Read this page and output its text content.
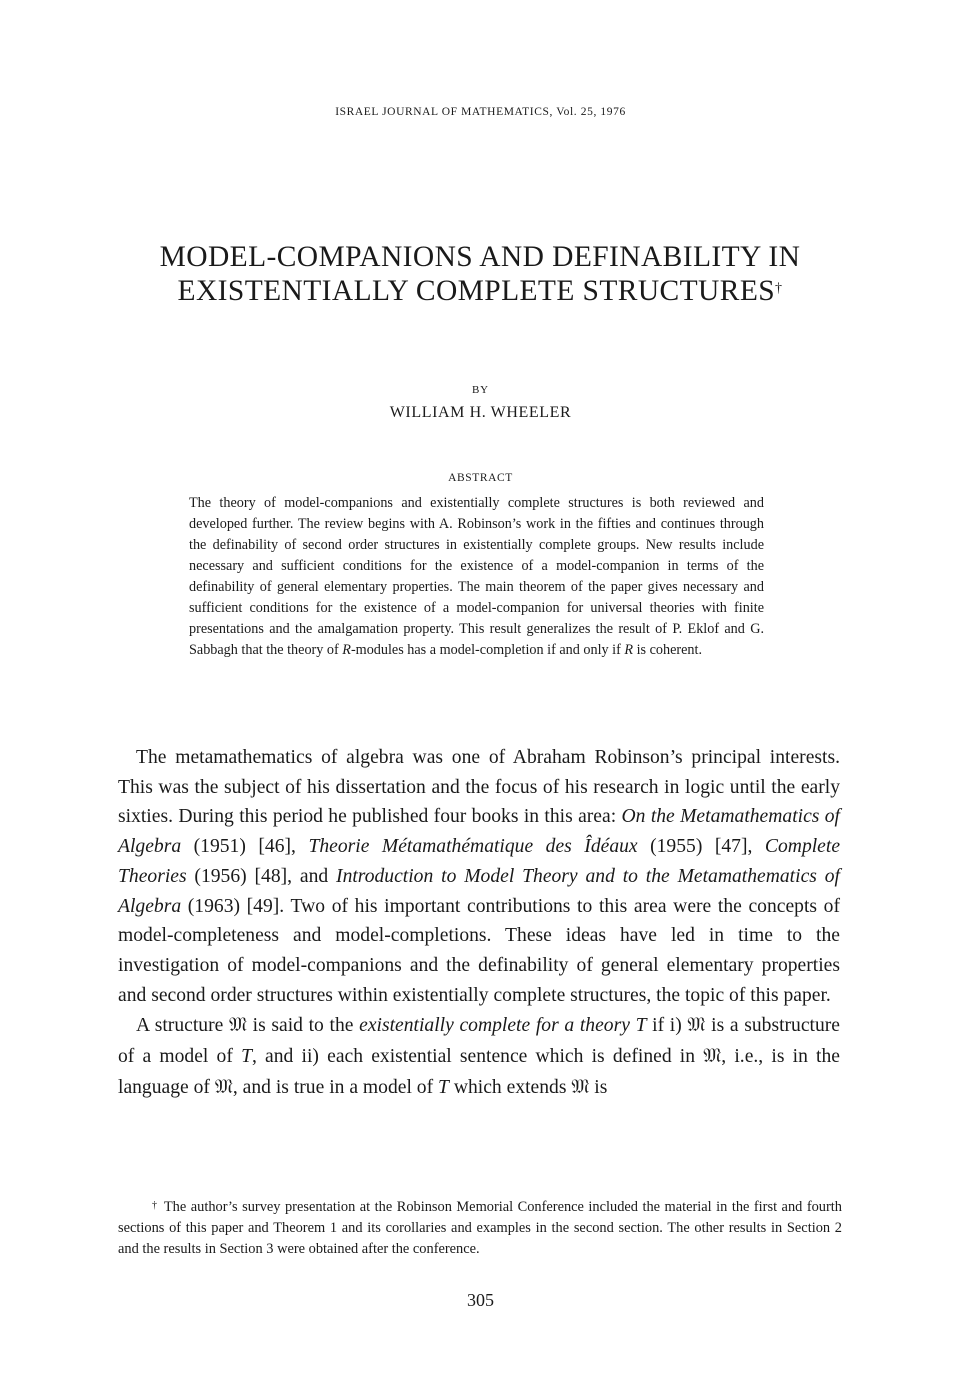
ISRAEL JOURNAL OF MATHEMATICS, Vol. 25, 1976
MODEL-COMPANIONS AND DEFINABILITY IN
EXISTENTIALLY COMPLETE STRUCTURES†
BY
WILLIAM H. WHEELER
ABSTRACT
The theory of model-companions and existentially complete structures is both reviewed and developed further. The review begins with A. Robinson’s work in the fifties and continues through the definability of second order structures in existentially complete groups. New results include necessary and sufficient conditions for the existence of a model-companion in terms of the definability of general elementary properties. The main theorem of the paper gives necessary and sufficient conditions for the existence of a model-companion for universal theories with finite presentations and the amalgamation property. This result generalizes the result of P. Eklof and G. Sabbagh that the theory of R-modules has a model-completion if and only if R is coherent.

The metamathematics of algebra was one of Abraham Robinson’s principal interests. This was the subject of his dissertation and the focus of his research in logic until the early sixties. During this period he published four books in this area: On the Metamathematics of Algebra (1951) [46], Theorie Métamathématique des Îdéaux (1955) [47], Complete Theories (1956) [48], and Introduction to Model Theory and to the Metamathematics of Algebra (1963) [49]. Two of his important contributions to this area were the concepts of model-completeness and model-completions. These ideas have led in time to the investigation of model-companions and the definability of general elementary properties and second order structures within existentially complete structures, the topic of this paper.

A structure 𝔐 is said to the existentially complete for a theory T if i) 𝔐 is a substructure of a model of T, and ii) each existential sentence which is defined in 𝔐, i.e., is in the language of 𝔐, and is true in a model of T which extends 𝔐 is

† The author’s survey presentation at the Robinson Memorial Conference included the material in the first and fourth sections of this paper and Theorem 1 and its corollaries and examples in the second section. The other results in Section 2 and the results in Section 3 were obtained after the conference.

305
